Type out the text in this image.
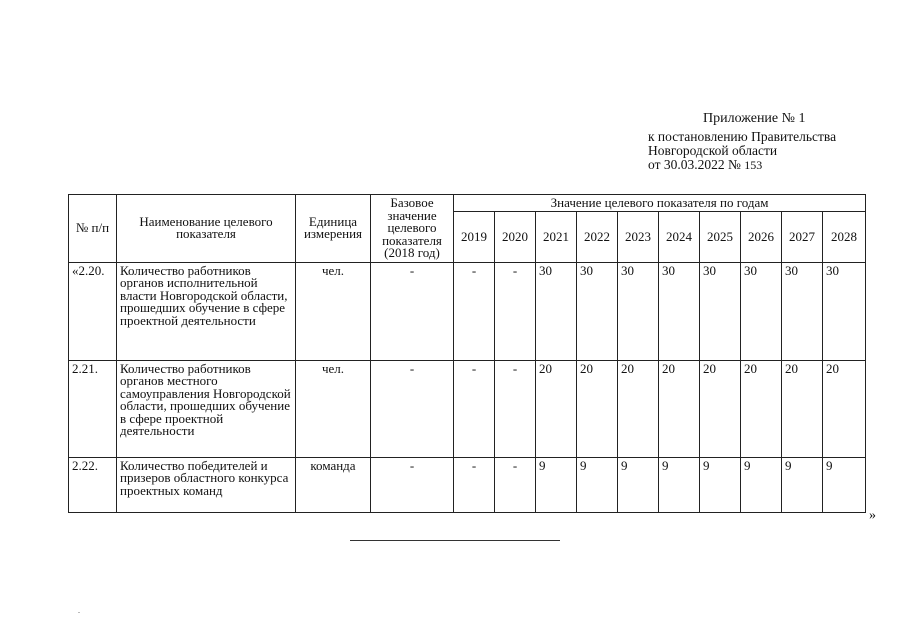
Приложение № 1
к постановлению Правительства
Новгородской области
от 30.03.2022 № 153
№ п/п	Наименование целевого показателя	Единица измерения	Базовое значение целевого показателя (2018 год)	Значение целевого показателя по годам									
				2019	2020	2021	2022	2023	2024	2025	2026	2027	2028
«2.20.	Количество работников органов исполнительной власти Новгородской области, прошедших обучение в сфере проектной деятельности	чел.	-	-	-	30	30	30	30	30	30	30	30
2.21.	Количество работников органов местного самоуправления Новгородской области, прошедших обучение в сфере проектной деятельности	чел.	-	-	-	20	20	20	20	20	20	20	20
2.22.	Количество победителей и призеров областного конкурса проектных команд	команда	-	-	-	9	9	9	9	9	9	9	9
»
